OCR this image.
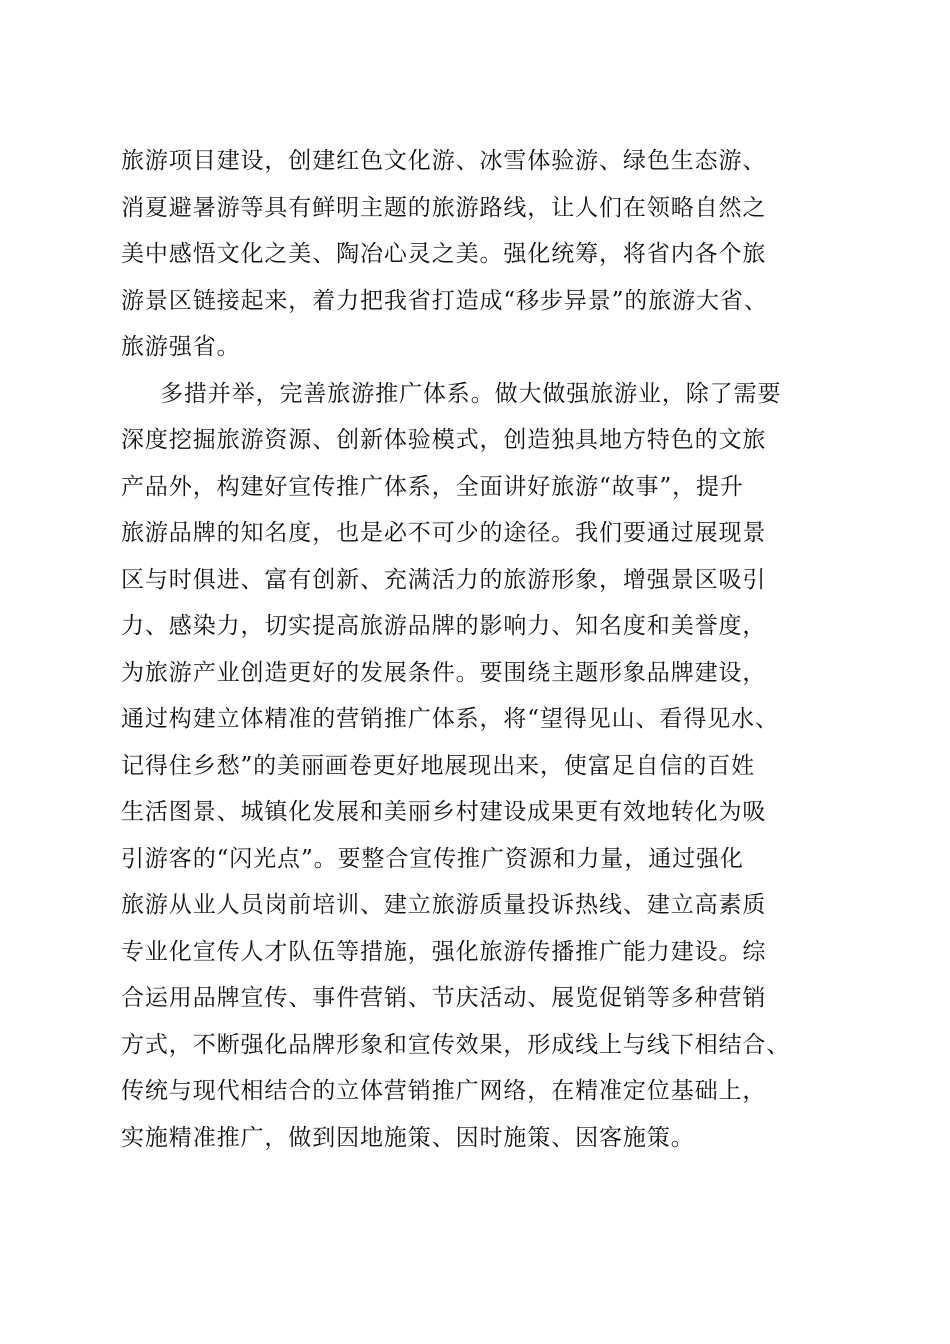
旅游项目建设，创建红色文化游、冰雪体验游、绿色生态游、
消夏避暑游等具有鲜明主题的旅游路线，让人们在领略自然之
美中感悟文化之美、陶冶心灵之美。强化统筹，将省内各个旅
游景区链接起来，着力把我省打造成“移步异景”的旅游大省、
旅游强省。
多措并举，完善旅游推广体系。做大做强旅游业，除了需要
深度挖掘旅游资源、创新体验模式，创造独具地方特色的文旅
产品外，构建好宣传推广体系，全面讲好旅游“故事”，提升
旅游品牌的知名度，也是必不可少的途径。我们要通过展现景
区与时俱进、富有创新、充满活力的旅游形象，增强景区吸引
力、感染力，切实提高旅游品牌的影响力、知名度和美誉度，
为旅游产业创造更好的发展条件。要围绕主题形象品牌建设，
通过构建立体精准的营销推广体系，将“望得见山、看得见水、
记得住乡愁”的美丽画卷更好地展现出来，使富足自信的百姓
生活图景、城镇化发展和美丽乡村建设成果更有效地转化为吸
引游客的“闪光点”。要整合宣传推广资源和力量，通过强化
旅游从业人员岗前培训、建立旅游质量投诉热线、建立高素质
专业化宣传人才队伍等措施，强化旅游传播推广能力建设。综
合运用品牌宣传、事件营销、节庆活动、展览促销等多种营销
方式，不断强化品牌形象和宣传效果，形成线上与线下相结合、
传统与现代相结合的立体营销推广网络，在精准定位基础上，
实施精准推广，做到因地施策、因时施策、因客施策。
